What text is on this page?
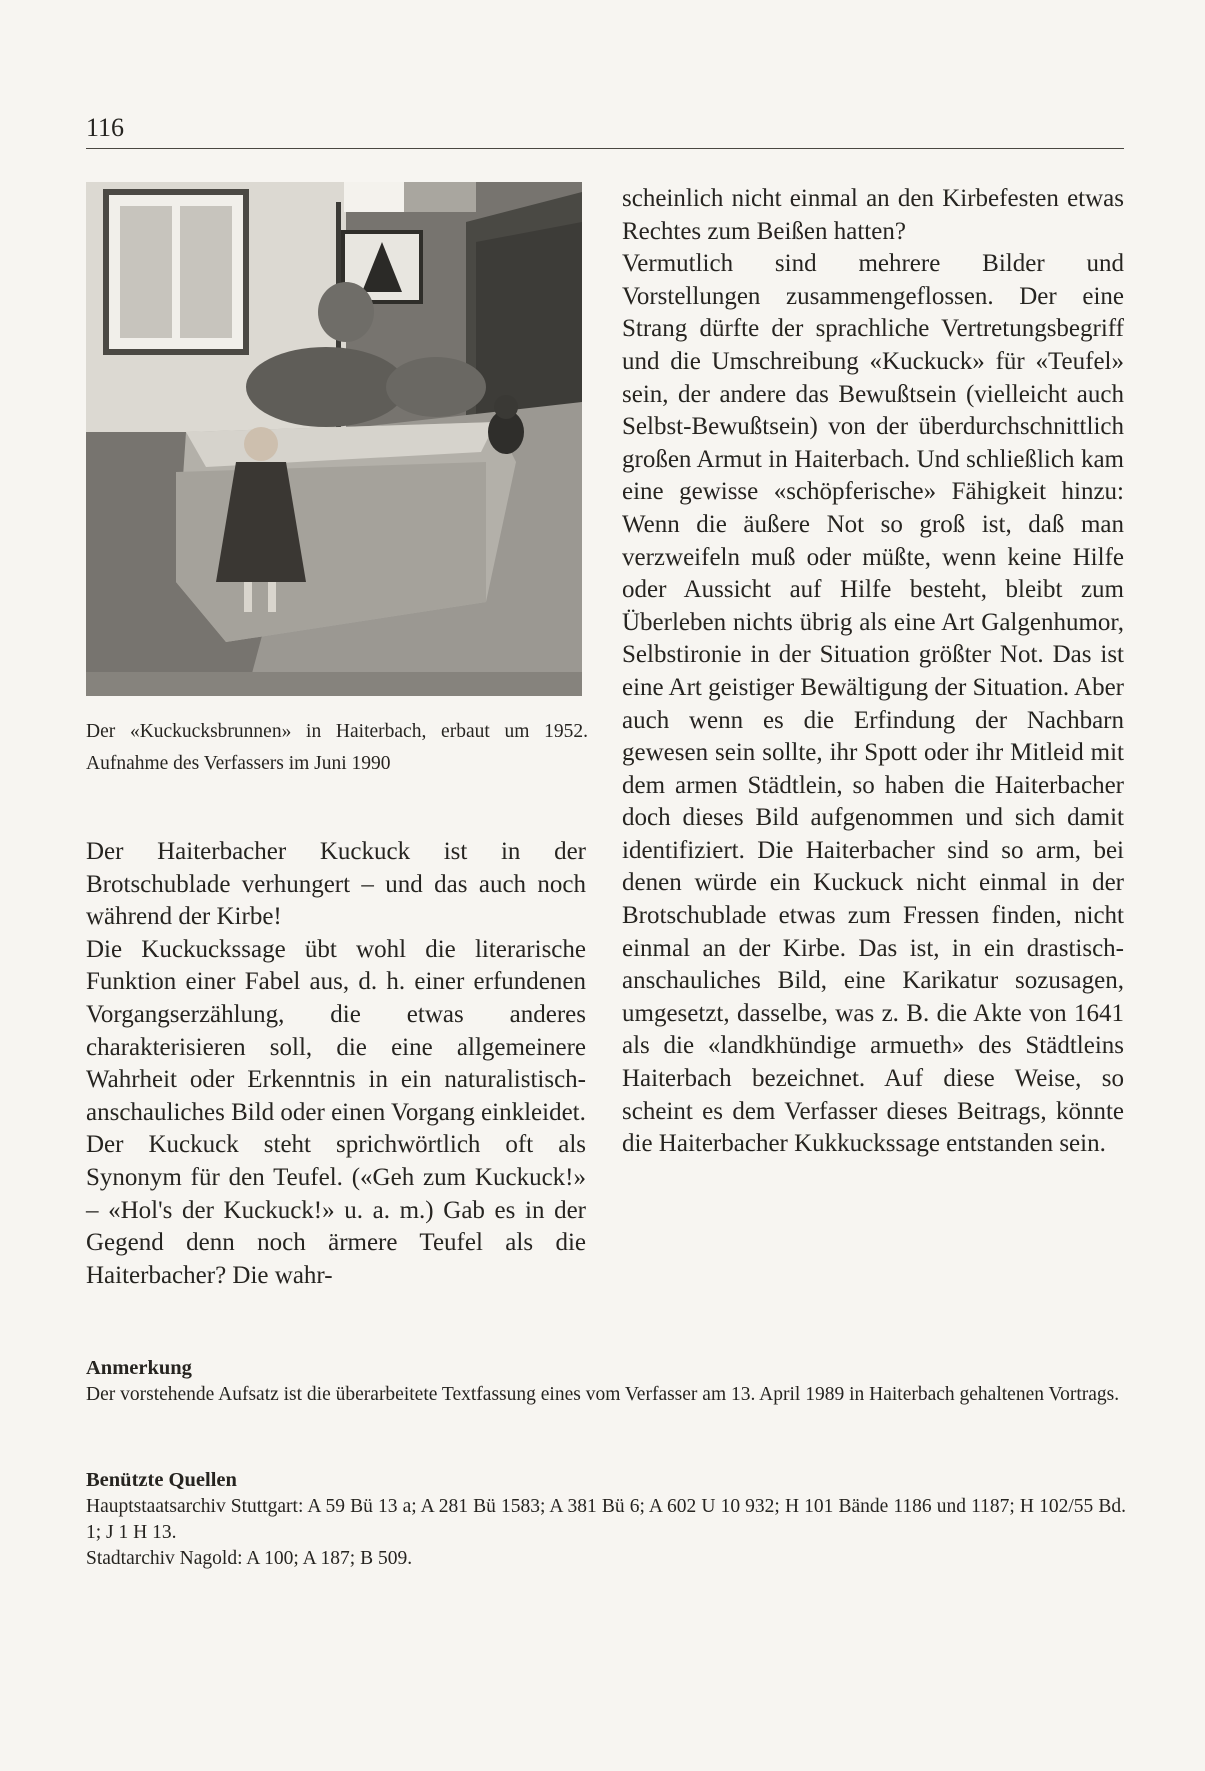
116
Der «Kuckucksbrunnen» in Haiterbach, erbaut um 1952. Aufnahme des Verfassers im Juni 1990

Der Haiterbacher Kuckuck ist in der Brotschublade verhungert – und das auch noch während der Kirbe!

Die Kuckuckssage übt wohl die literarische Funktion einer Fabel aus, d. h. einer erfundenen Vorgangserzählung, die etwas anderes charakterisieren soll, die eine allgemeinere Wahrheit oder Erkenntnis in ein naturalistisch-anschauliches Bild oder einen Vorgang einkleidet.

Der Kuckuck steht sprichwörtlich oft als Synonym für den Teufel. («Geh zum Kuckuck!» – «Hol's der Kuckuck!» u. a. m.) Gab es in der Gegend denn noch ärmere Teufel als die Haiterbacher? Die wahr-

scheinlich nicht einmal an den Kirbefesten etwas Rechtes zum Beißen hatten?

Vermutlich sind mehrere Bilder und Vorstellungen zusammengeflossen. Der eine Strang dürfte der sprachliche Vertretungsbegriff und die Umschreibung «Kuckuck» für «Teufel» sein, der andere das Bewußtsein (vielleicht auch Selbst-Bewußtsein) von der überdurchschnittlich großen Armut in Haiterbach. Und schließlich kam eine gewisse «schöpferische» Fähigkeit hinzu: Wenn die äußere Not so groß ist, daß man verzweifeln muß oder müßte, wenn keine Hilfe oder Aussicht auf Hilfe besteht, bleibt zum Überleben nichts übrig als eine Art Galgenhumor, Selbstironie in der Situation größter Not. Das ist eine Art geistiger Bewältigung der Situation. Aber auch wenn es die Erfindung der Nachbarn gewesen sein sollte, ihr Spott oder ihr Mitleid mit dem armen Städtlein, so haben die Haiterbacher doch dieses Bild aufgenommen und sich damit identifiziert. Die Haiterbacher sind so arm, bei denen würde ein Kuckuck nicht einmal in der Brotschublade etwas zum Fressen finden, nicht einmal an der Kirbe. Das ist, in ein drastisch-anschauliches Bild, eine Karikatur sozusagen, umgesetzt, dasselbe, was z. B. die Akte von 1641 als die «landkhündige armueth» des Städtleins Haiterbach bezeichnet. Auf diese Weise, so scheint es dem Verfasser dieses Beitrags, könnte die Haiterbacher Kukkuckssage entstanden sein.

Anmerkung

Der vorstehende Aufsatz ist die überarbeitete Textfassung eines vom Verfasser am 13. April 1989 in Haiterbach gehaltenen Vortrags.

Benützte Quellen

Hauptstaatsarchiv Stuttgart: A 59 Bü 13 a; A 281 Bü 1583; A 381 Bü 6; A 602 U 10 932; H 101 Bände 1186 und 1187; H 102/55 Bd. 1; J 1 H 13.

Stadtarchiv Nagold: A 100; A 187; B 509.
